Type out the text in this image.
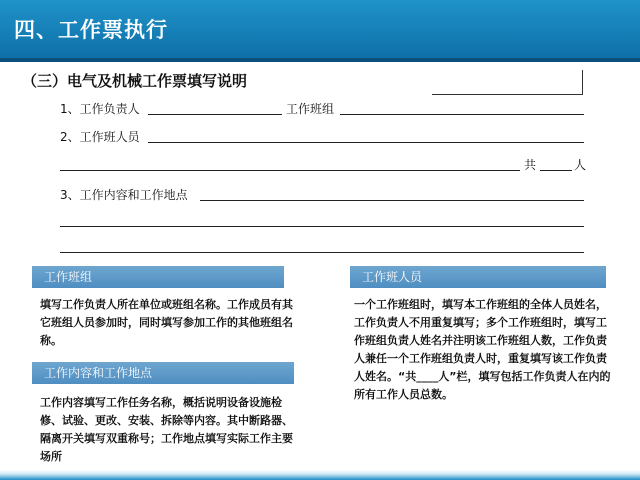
四、工作票执行
（三）电气及机械工作票填写说明
1、工作负责人	工作班组
2、工作班人员
共	人
3、工作内容和工作地点
工作班组

填写工作负责人所在单位或班组名称。工作成员有其它班组人员参加时，同时填写参加工作的其他班组名称。

工作内容和工作地点

工作内容填写工作任务名称，概括说明设备设施检修、试验、更改、安装、拆除等内容。其中断路器、隔离开关填写双重称号；工作地点填写实际工作主要场所

工作班人员

一个工作班组时，填写本工作班组的全体人员姓名，工作负责人不用重复填写；多个工作班组时，填写工作班组负责人姓名并注明该工作班组人数，工作负责人兼任一个工作班组负责人时，重复填写该工作负责人姓名。“共____人”栏，填写包括工作负责人在内的所有工作人员总数。
